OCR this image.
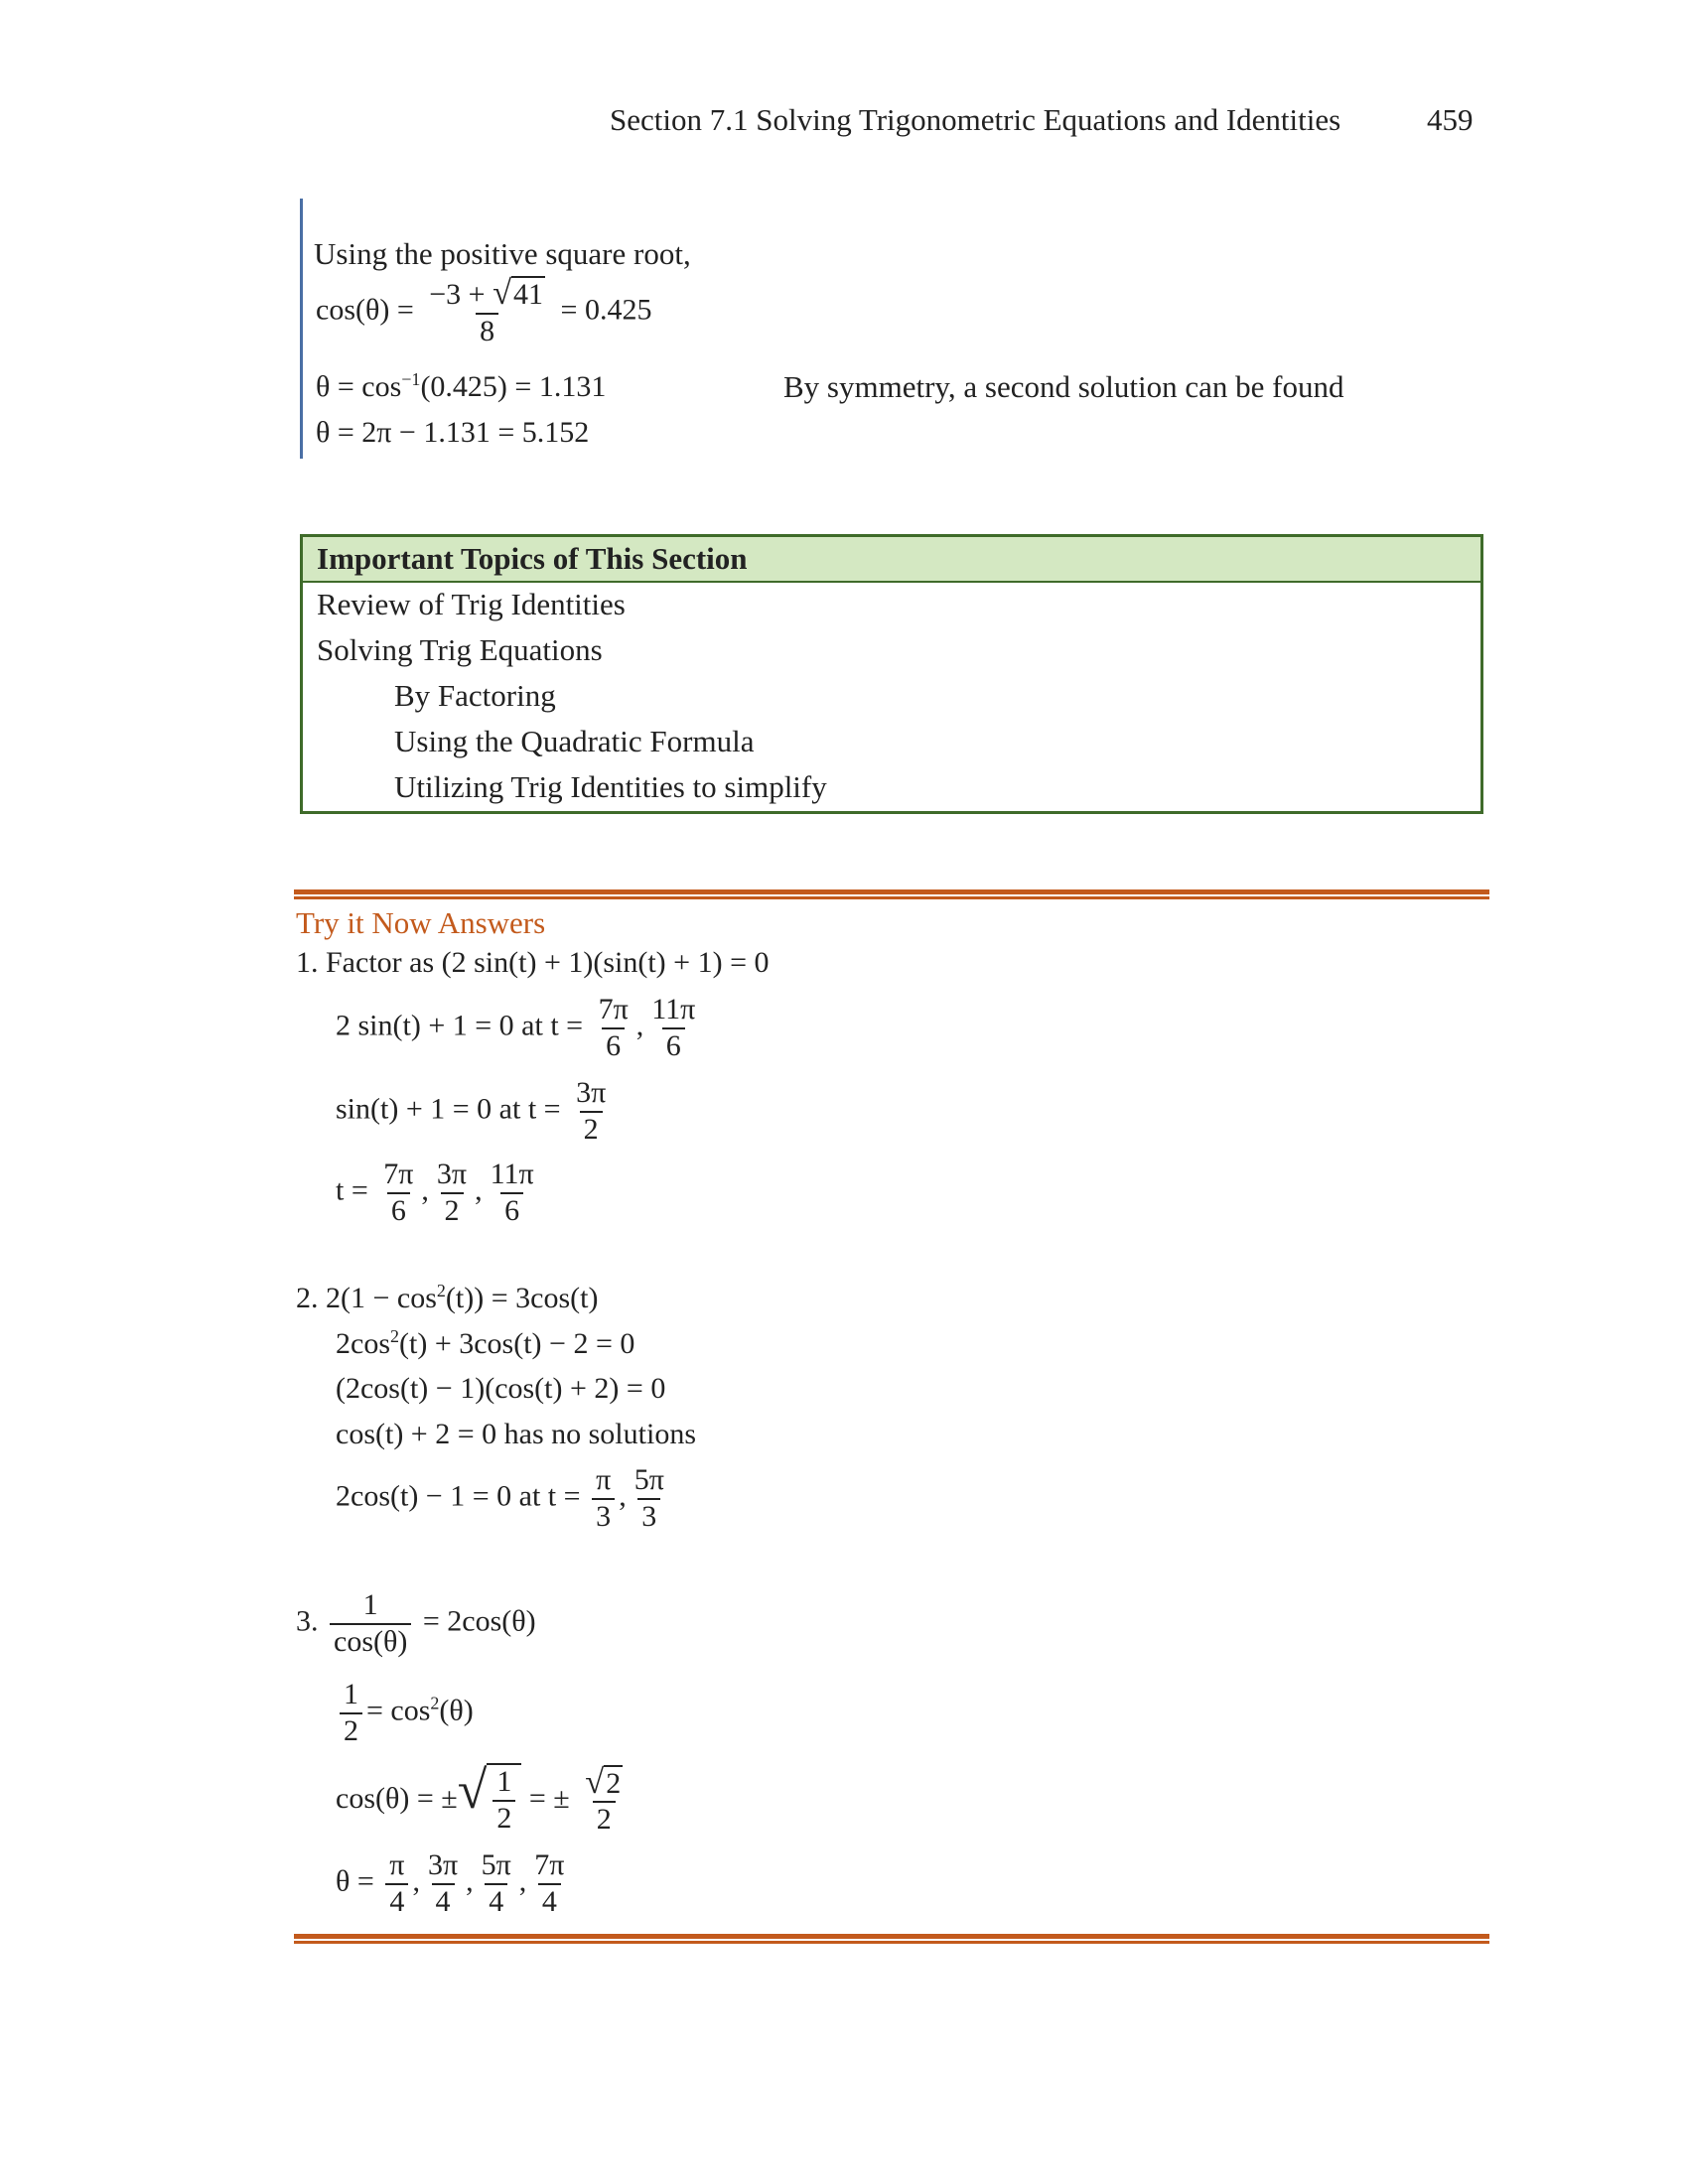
Section 7.1 Solving Trigonometric Equations and Identities	459
Using the positive square root,
$\cos(\theta) = \frac{-3 + √ 41}{8} = 0.425$
$\theta = \cos^{-1}(0.425) = 1.131$	By symmetry, a second solution can be found
θ = 2π − 1.131 = 5.152
Important Topics of This Section
Review of Trig Identities
Solving Trig Equations
By Factoring
Using the Quadratic Formula
Utilizing Trig Identities to simplify
Try it Now Answers
1. Factor as (2 sin(t) + 1)(sin(t) + 1) = 0
2 sin(t) + 1 = 0 at $t = \frac{7\pi}{6}$ , $\frac{11\pi}{6}$
sin(t) + 1 = 0 at $t = \frac{3\pi}{2}$
$t = \frac{7\pi}{6}$ , $\frac{3\pi}{2}$ , $\frac{11\pi}{6}$
2. $2(1 - \cos^2(t)) = 3\cos(t)$
$2\cos^2(t) + 3\cos(t) - 2 = 0$
(2cos(t) − 1)(cos(t) + 2) = 0
cos(t) + 2 = 0 has no solutions
2cos(t) − 1 = 0 at $t = \frac{\pi}{3}$ , $\frac{5\pi}{3}$
3. $\frac{1}{\cos(\theta)} = 2\cos(\theta)$
$\frac{1}{2} = \cos^2(\theta)$
cos(θ) = ± √ $\frac{1}{2}$ = ± $\frac{√ 2}{2}$
$\theta = \frac{\pi}{4}$ , $\frac{3\pi}{4}$ , $\frac{5\pi}{4}$ , $\frac{7\pi}{4}$
